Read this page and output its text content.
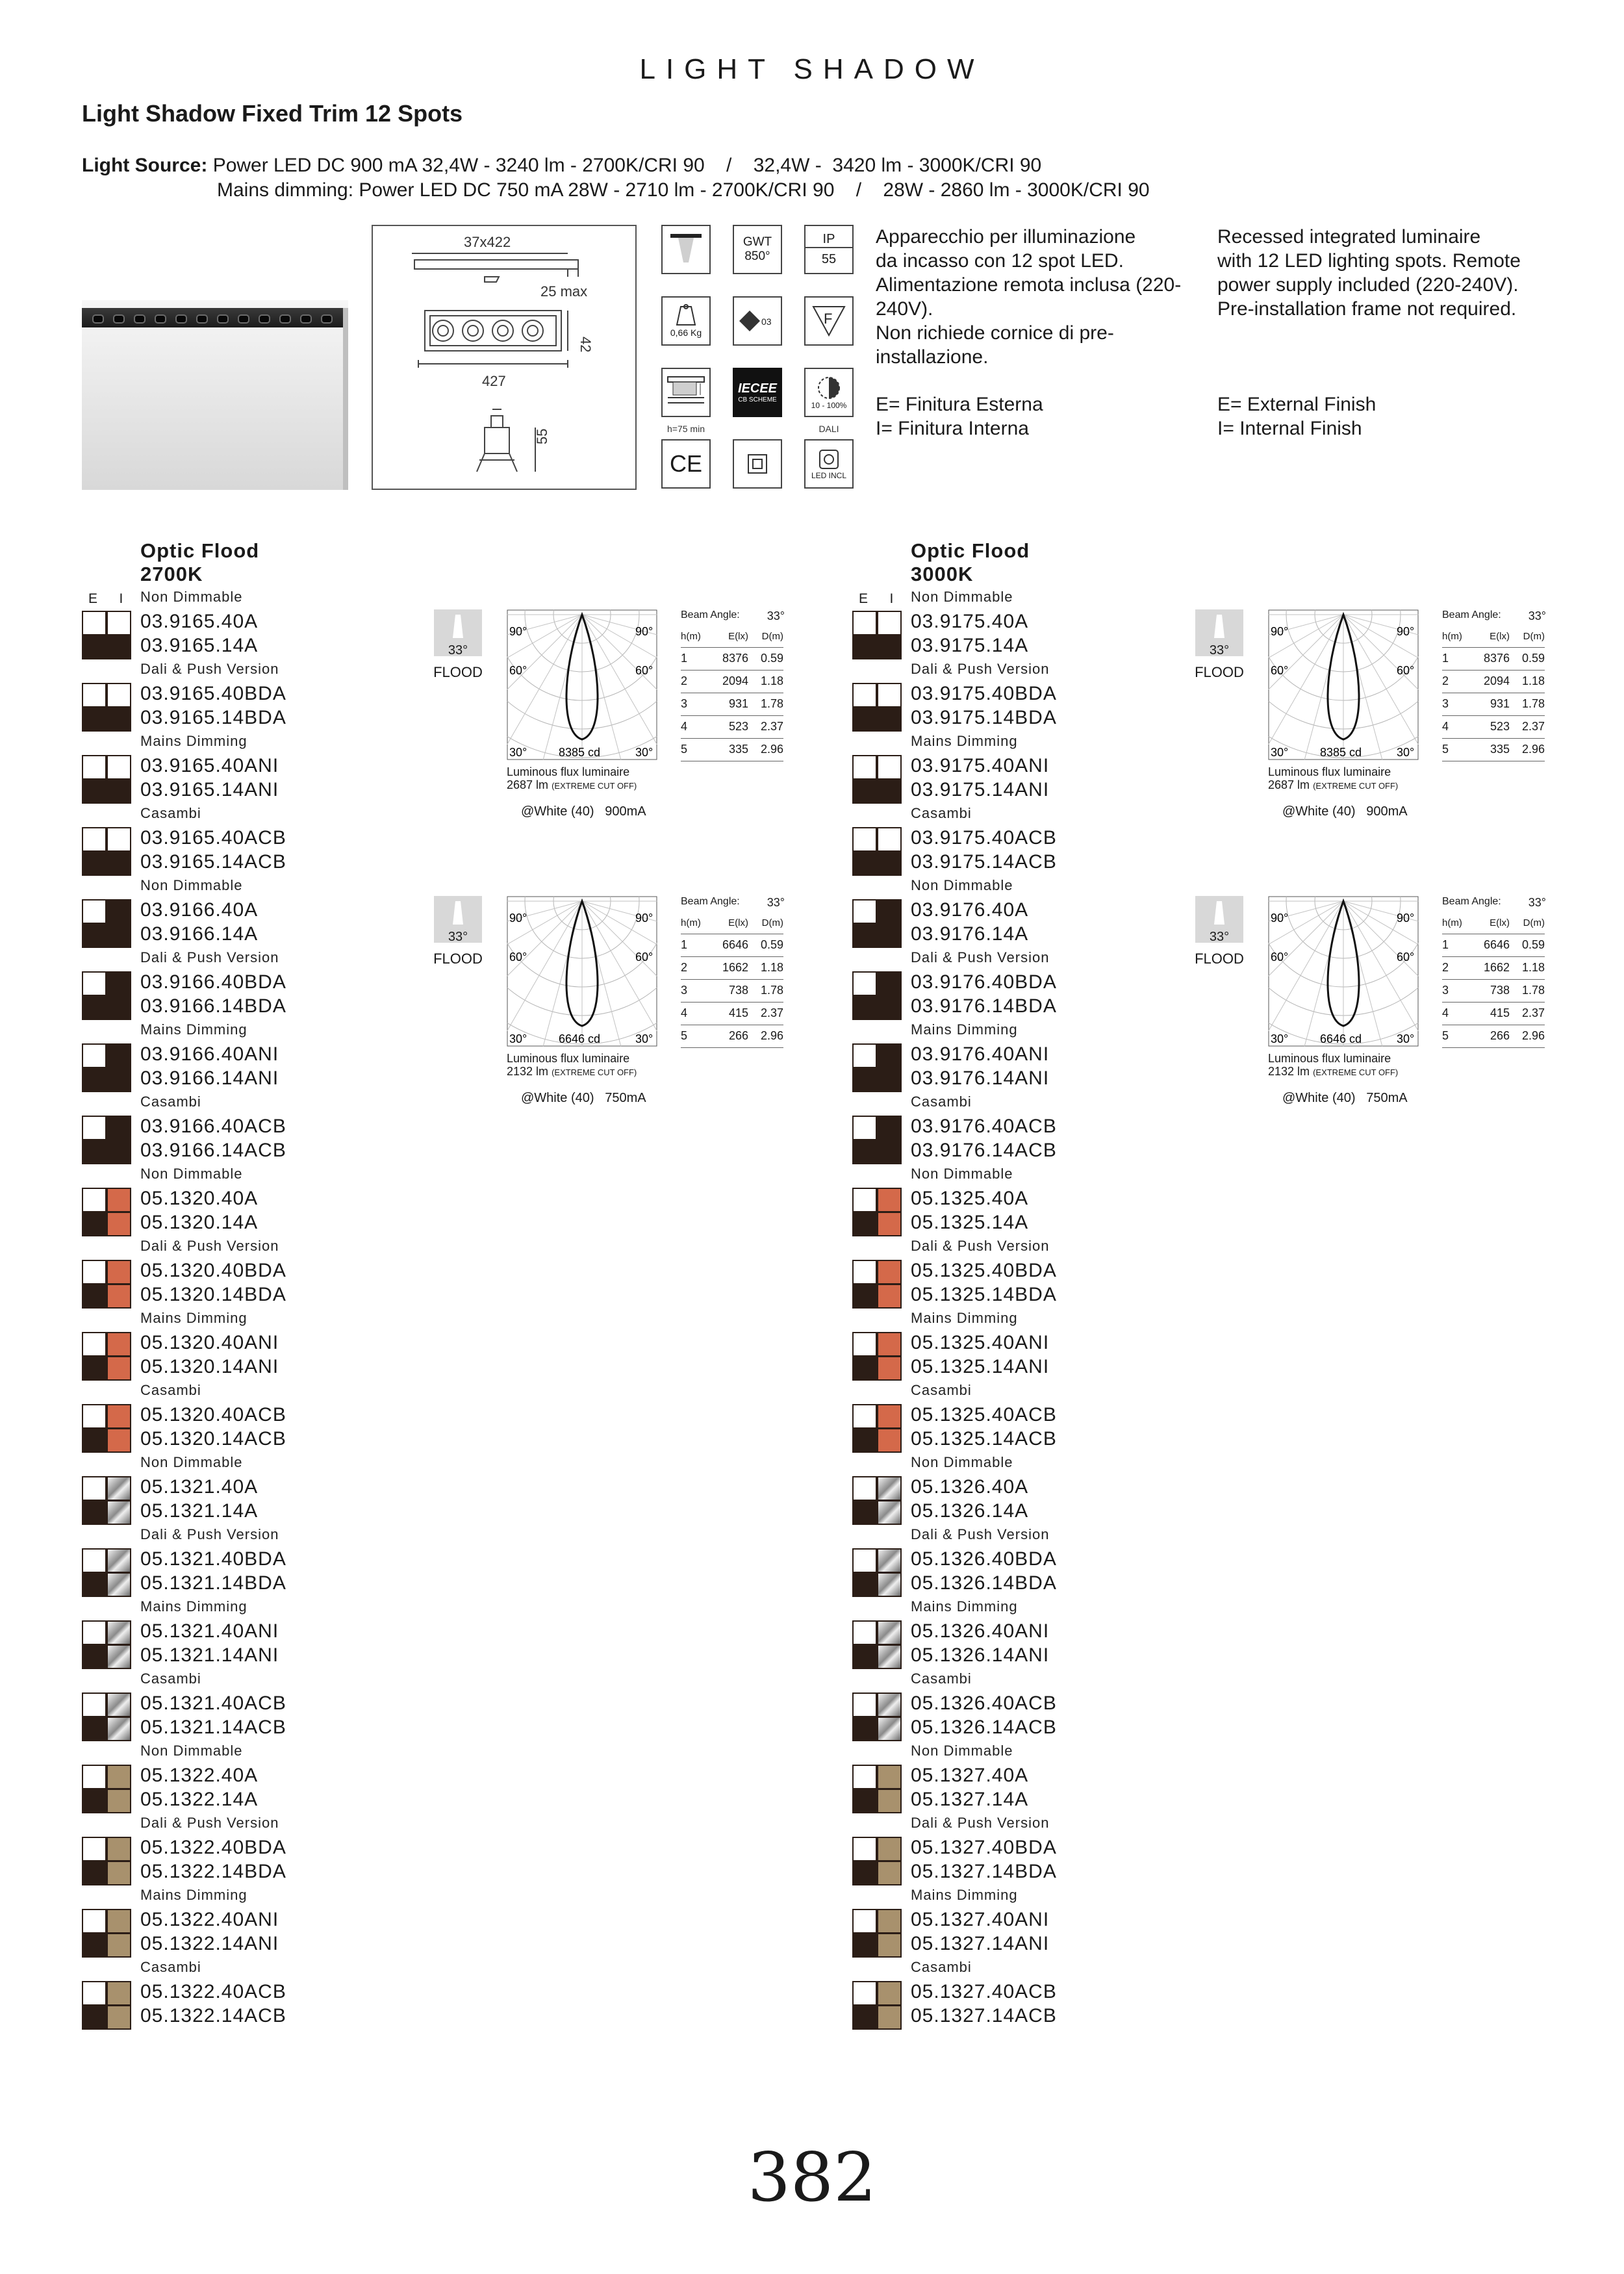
LIGHT SHADOW
Light Shadow Fixed Trim 12 Spots
Light Source: Power LED DC 900 mA 32,4W - 3240 lm - 2700K/CRI 90    /    32,4W -  3420 lm - 3000K/CRI 90
Mains dimming: Power LED DC 750 mA 28W - 2710 lm - 2700K/CRI 90    /    28W - 2860 lm - 3000K/CRI 90
37x422
25 max
42
427
55
GWT 850°
IP
55
0,66 Kg
03	F
h=75 min
IECEE
CB SCHEME
10 - 100%
DALI
CE	LED INCL
Apparecchio per illuminazione
da incasso con 12 spot LED.
Alimentazione remota inclusa (220-
240V).
Non richiede cornice di pre-
installazione.
E= Finitura Esterna
I= Finitura Interna
Recessed integrated luminaire
with 12 LED lighting spots. Remote
power supply included (220-240V).
Pre-installation frame not required.
E= External Finish
I= Internal Finish
Optic Flood
2700K
E   I Non Dimmable
03.9165.40A
03.9165.14A
Dali & Push Version
03.9165.40BDA
03.9165.14BDA
Mains Dimming
03.9165.40ANI
03.9165.14ANI
Casambi
03.9165.40ACB
03.9165.14ACB
Non Dimmable
03.9166.40A
03.9166.14A
Dali & Push Version
03.9166.40BDA
03.9166.14BDA
Mains Dimming
03.9166.40ANI
03.9166.14ANI
Casambi
03.9166.40ACB
03.9166.14ACB
Non Dimmable
05.1320.40A
05.1320.14A
Dali & Push Version
05.1320.40BDA
05.1320.14BDA
Mains Dimming
05.1320.40ANI
05.1320.14ANI
Casambi
05.1320.40ACB
05.1320.14ACB
Non Dimmable
05.1321.40A
05.1321.14A
Dali & Push Version
05.1321.40BDA
05.1321.14BDA
Mains Dimming
05.1321.40ANI
05.1321.14ANI
Casambi
05.1321.40ACB
05.1321.14ACB
Non Dimmable
05.1322.40A
05.1322.14A
Dali & Push Version
05.1322.40BDA
05.1322.14BDA
Mains Dimming
05.1322.40ANI
05.1322.14ANI
Casambi
05.1322.40ACB
05.1322.14ACB
33°
FLOOD
90°	90°
60°	60°
30°	30°
8385 cd
Luminous flux luminaire
2687 lm (EXTREME CUT OFF)
@White (40)   900mA
Beam Angle: 33°
h(m)	E(lx)	D(m)
1	8376	0.59
2	2094	1.18
3	931	1.78
4	523	2.37
5	335	2.96
33°
FLOOD
90°	90°
60°	60°
30°	30°
6646 cd
Luminous flux luminaire
2132 lm (EXTREME CUT OFF)
@White (40)   750mA
Beam Angle: 33°
h(m)	E(lx)	D(m)
1	6646	0.59
2	1662	1.18
3	738	1.78
4	415	2.37
5	266	2.96
Optic Flood
3000K
E   I Non Dimmable
03.9175.40A
03.9175.14A
Dali & Push Version
03.9175.40BDA
03.9175.14BDA
Mains Dimming
03.9175.40ANI
03.9175.14ANI
Casambi
03.9175.40ACB
03.9175.14ACB
Non Dimmable
03.9176.40A
03.9176.14A
Dali & Push Version
03.9176.40BDA
03.9176.14BDA
Mains Dimming
03.9176.40ANI
03.9176.14ANI
Casambi
03.9176.40ACB
03.9176.14ACB
Non Dimmable
05.1325.40A
05.1325.14A
Dali & Push Version
05.1325.40BDA
05.1325.14BDA
Mains Dimming
05.1325.40ANI
05.1325.14ANI
Casambi
05.1325.40ACB
05.1325.14ACB
Non Dimmable
05.1326.40A
05.1326.14A
Dali & Push Version
05.1326.40BDA
05.1326.14BDA
Mains Dimming
05.1326.40ANI
05.1326.14ANI
Casambi
05.1326.40ACB
05.1326.14ACB
Non Dimmable
05.1327.40A
05.1327.14A
Dali & Push Version
05.1327.40BDA
05.1327.14BDA
Mains Dimming
05.1327.40ANI
05.1327.14ANI
Casambi
05.1327.40ACB
05.1327.14ACB
33°
FLOOD
90°	90°
60°	60°
30°	30°
8385 cd
Luminous flux luminaire
2687 lm (EXTREME CUT OFF)
@White (40)   900mA
Beam Angle: 33°
h(m)	E(lx)	D(m)
1	8376	0.59
2	2094	1.18
3	931	1.78
4	523	2.37
5	335	2.96
33°
FLOOD
90°	90°
60°	60°
30°	30°
6646 cd
Luminous flux luminaire
2132 lm (EXTREME CUT OFF)
@White (40)   750mA
Beam Angle: 33°
h(m)	E(lx)	D(m)
1	6646	0.59
2	1662	1.18
3	738	1.78
4	415	2.37
5	266	2.96
382
